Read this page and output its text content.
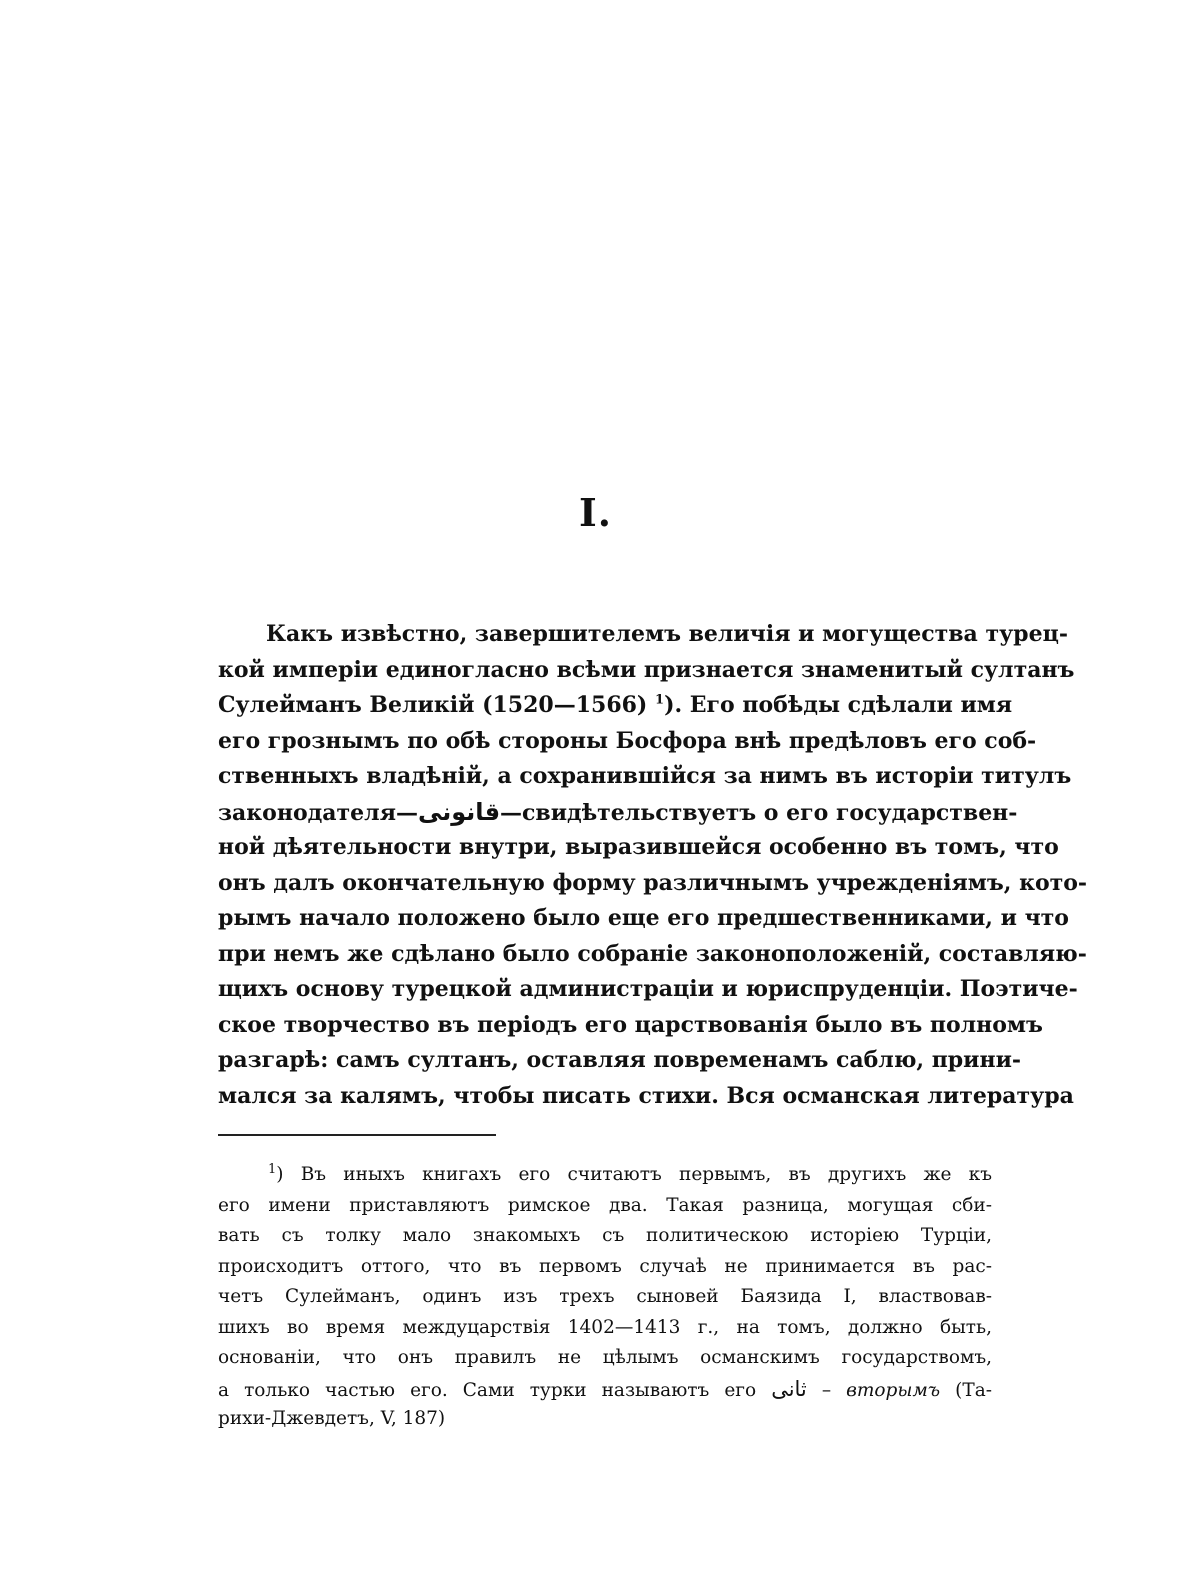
I.
Какъ извѣстно, завершителемъ величія и могущества турец-
кой имперіи единогласно всѣми признается знаменитый султанъ
Сулейманъ Великій (1520—1566) $^1$). Его побѣды сдѣлали имя
его грознымъ по обѣ стороны Босфора внѣ предѣловъ его соб-
ственныхъ владѣній, а сохранившійся за нимъ въ исторіи титулъ
законодателя—قانونی—свидѣтельствуетъ о его государствен-
ной дѣятельности внутри, выразившейся особенно въ томъ, что
онъ далъ окончательную форму различнымъ учрежденіямъ, кото-
рымъ начало положено было еще его предшественниками, и что
при немъ же сдѣлано было собраніе законоположеній, составляю-
щихъ основу турецкой администраціи и юриспруденціи. Поэтиче-
ское творчество въ періодъ его царствованія было въ полномъ
разгарѣ: самъ султанъ, оставляя повременамъ саблю, прини-
мался за калямъ, чтобы писать стихи. Вся османская литература
$^1$) Въ иныхъ книгахъ его считаютъ первымъ, въ другихъ же къ
его имени приставляютъ римское два. Такая разница, могущая сби-
вать съ толку мало знакомыхъ съ политическою исторіею Турціи,
происходитъ оттого, что въ первомъ случаѣ не принимается въ рас-
четъ Сулейманъ, одинъ изъ трехъ сыновей Баязида I, властвовав-
шихъ во время междуцарствія 1402—1413 г., на томъ, должно быть,
основаніи, что онъ правилъ не цѣлымъ османскимъ государствомъ,
а только частью его. Сами турки называютъ его ثانی – вторымъ (Та-
рихи-Джевдетъ, V, 187)
